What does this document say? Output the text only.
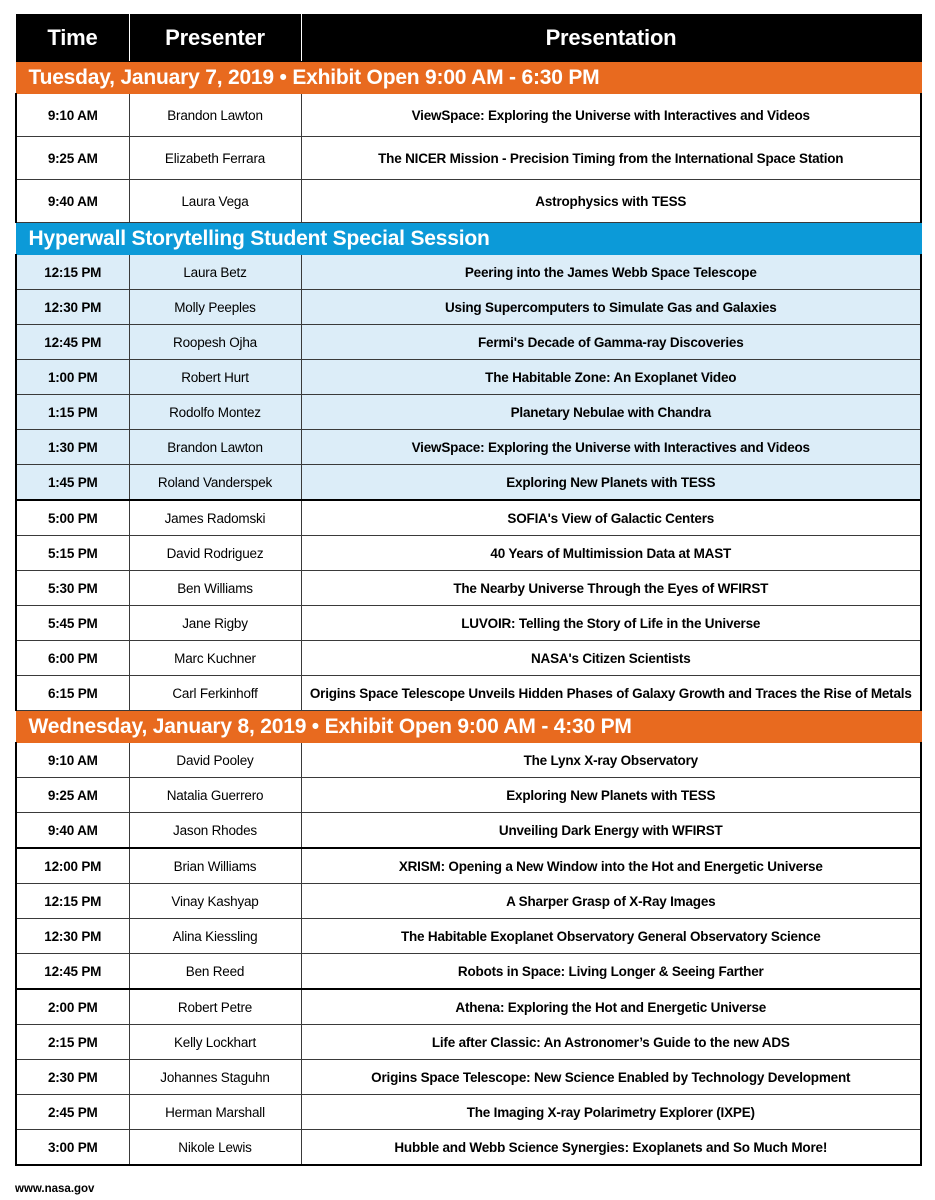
Time	Presenter	Presentation
Tuesday, January 7, 2019 • Exhibit Open 9:00 AM - 6:30 PM		
9:10 AM	Brandon Lawton	ViewSpace: Exploring the Universe with Interactives and Videos
9:25 AM	Elizabeth Ferrara	The NICER Mission - Precision Timing from the International Space Station
9:40 AM	Laura Vega	Astrophysics with TESS
Hyperwall Storytelling Student Special Session		
12:15 PM	Laura Betz	Peering into the James Webb Space Telescope
12:30 PM	Molly Peeples	Using Supercomputers to Simulate Gas and Galaxies
12:45 PM	Roopesh Ojha	Fermi's Decade of Gamma-ray Discoveries
1:00 PM	Robert Hurt	The Habitable Zone: An Exoplanet Video
1:15 PM	Rodolfo Montez	Planetary Nebulae with Chandra
1:30 PM	Brandon Lawton	ViewSpace: Exploring the Universe with Interactives and Videos
1:45 PM	Roland Vanderspek	Exploring New Planets with TESS
5:00 PM	James Radomski	SOFIA's View of Galactic Centers
5:15 PM	David Rodriguez	40 Years of Multimission Data at MAST
5:30 PM	Ben Williams	The Nearby Universe Through the Eyes of WFIRST
5:45 PM	Jane Rigby	LUVOIR: Telling the Story of Life in the Universe
6:00 PM	Marc Kuchner	NASA's Citizen Scientists
6:15 PM	Carl Ferkinhoff	Origins Space Telescope Unveils Hidden Phases of Galaxy Growth and Traces the Rise of Metals
Wednesday, January 8, 2019 • Exhibit Open 9:00 AM - 4:30 PM		
9:10 AM	David Pooley	The Lynx X-ray Observatory
9:25 AM	Natalia Guerrero	Exploring New Planets with TESS
9:40 AM	Jason Rhodes	Unveiling Dark Energy with WFIRST
12:00 PM	Brian Williams	XRISM: Opening a New Window into the Hot and Energetic Universe
12:15 PM	Vinay Kashyap	A Sharper Grasp of X-Ray Images
12:30 PM	Alina Kiessling	The Habitable Exoplanet Observatory General Observatory Science
12:45 PM	Ben Reed	Robots in Space: Living Longer & Seeing Farther
2:00 PM	Robert Petre	Athena: Exploring the Hot and Energetic Universe
2:15 PM	Kelly Lockhart	Life after Classic: An Astronomer’s Guide to the new ADS
2:30 PM	Johannes Staguhn	Origins Space Telescope: New Science Enabled by Technology Development
2:45 PM	Herman Marshall	The Imaging X-ray Polarimetry Explorer (IXPE)
3:00 PM	Nikole Lewis	Hubble and Webb Science Synergies: Exoplanets and So Much More!
www.nasa.gov
